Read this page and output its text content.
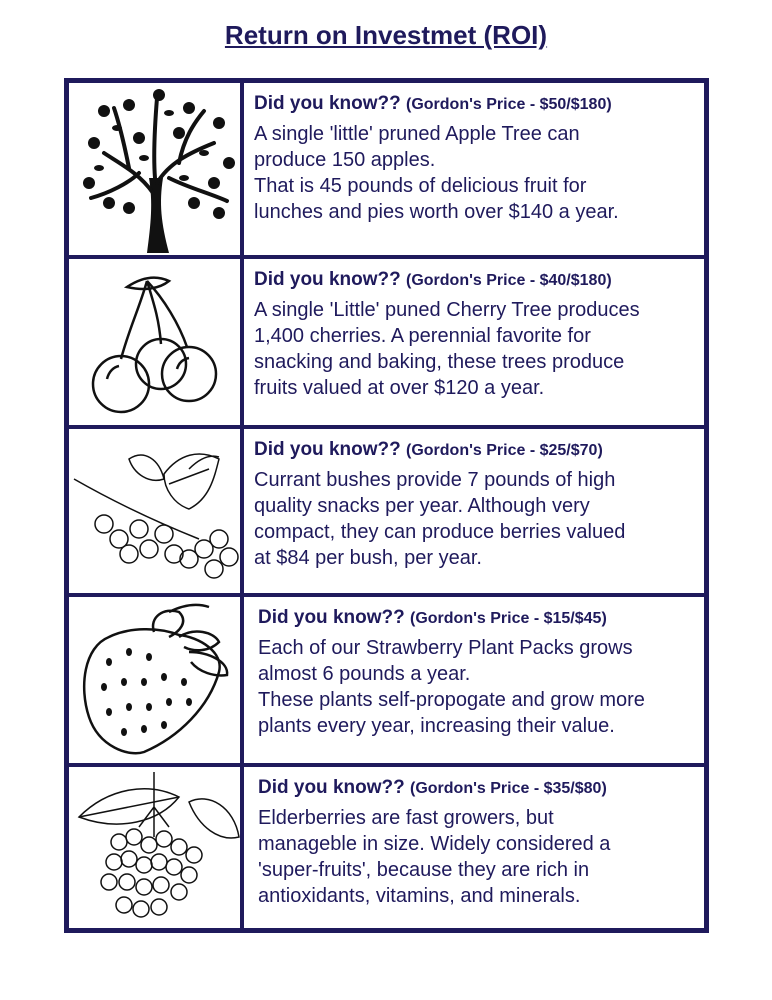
Return on Investmet (ROI)
Did you know?? (Gordon's Price - $50/$180)
A single 'little' pruned Apple Tree can
produce 150 apples.
That is 45 pounds of delicious fruit for
lunches and pies worth over $140 a year.
Did you know?? (Gordon's Price - $40/$180)
A single 'Little' puned Cherry Tree produces
1,400 cherries. A perennial favorite for
snacking and baking, these trees produce
fruits valued at over $120 a year.
Did you know?? (Gordon's Price - $25/$70)
Currant bushes provide 7 pounds of high
quality snacks per year. Although very
compact, they can produce berries valued
at $84 per bush, per year.
Did you know?? (Gordon's Price - $15/$45)
Each of our Strawberry Plant Packs grows
almost 6 pounds a year.
These plants self-propogate and grow more
plants every year, increasing their value.
Did you know?? (Gordon's Price - $35/$80)
Elderberries are fast growers, but
manageble in size. Widely considered a
'super-fruits', because they are rich in
antioxidants, vitamins, and minerals.
